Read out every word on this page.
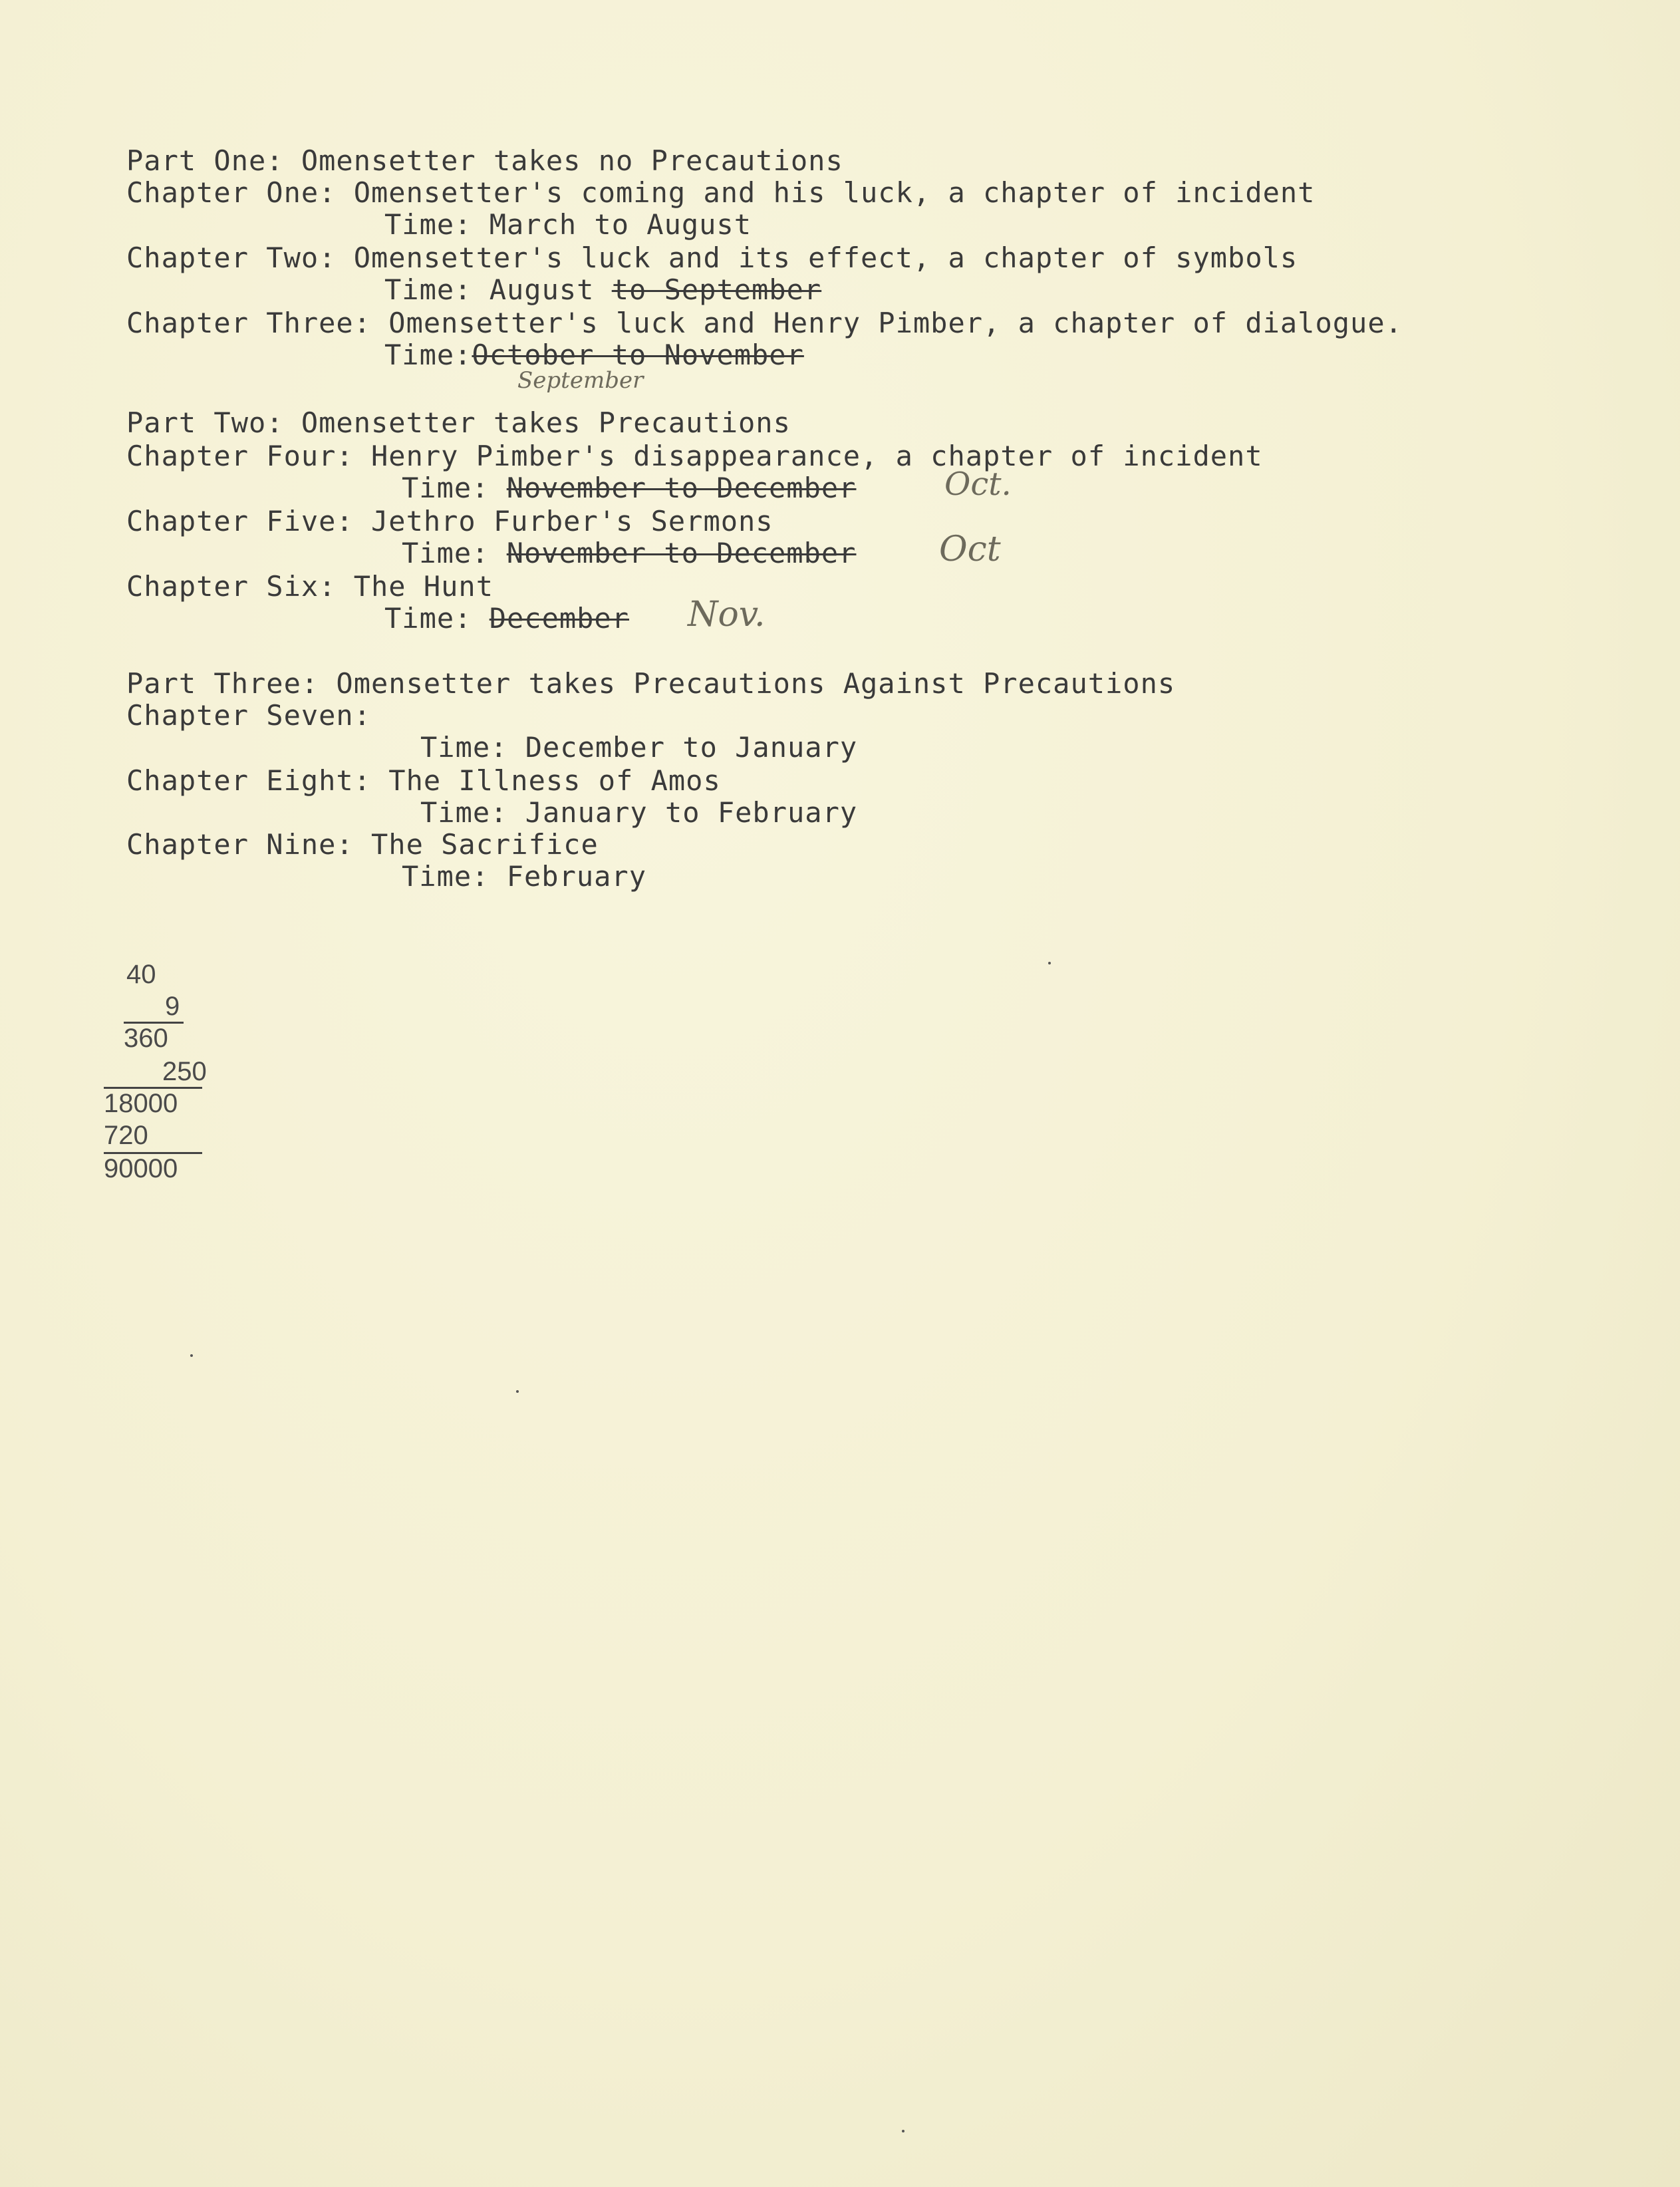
Part One: Omensetter takes no Precautions
Chapter One: Omensetter's coming and his luck, a chapter of incident
Time: March to August
Chapter Two: Omensetter's luck and its effect, a chapter of symbols
Time: August to September
Chapter Three: Omensetter's luck and Henry Pimber, a chapter of dialogue.
Time:October to November
September
Part Two: Omensetter takes Precautions
Chapter Four: Henry Pimber's disappearance, a chapter of incident
Time: November to December	Oct.
Chapter Five: Jethro Furber's Sermons
Time: November to December Oct
Chapter Six: The Hunt
Time: December Nov.
Part Three: Omensetter takes Precautions Against Precautions
Chapter Seven:
Time: December to January
Chapter Eight: The Illness of Amos
Time: January to February
Chapter Nine: The Sacrifice
Time: February
40
9
360
250
18000
720
90000
